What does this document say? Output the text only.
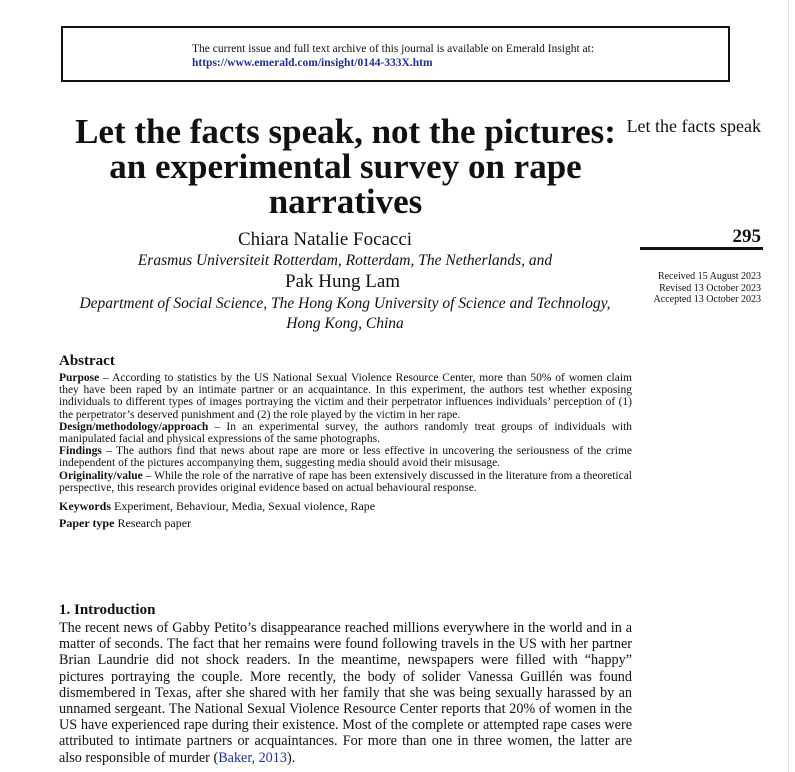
The current issue and full text archive of this journal is available on Emerald Insight at:
https://www.emerald.com/insight/0144-333X.htm
Let the facts speak, not the pictures: an experimental survey on rape narratives
Chiara Natalie Focacci
Erasmus Universiteit Rotterdam, Rotterdam, The Netherlands, and
Pak Hung Lam
Department of Social Science, The Hong Kong University of Science and Technology,
Hong Kong, China
Let the facts speak
295
Received 15 August 2023
Revised 13 October 2023
Accepted 13 October 2023
Abstract

Purpose – According to statistics by the US National Sexual Violence Resource Center, more than 50% of women claim they have been raped by an intimate partner or an acquaintance. In this experiment, the authors test whether exposing individuals to different types of images portraying the victim and their perpetrator influences individuals’ perception of (1) the perpetrator’s deserved punishment and (2) the role played by the victim in her rape.

Design/methodology/approach – In an experimental survey, the authors randomly treat groups of individuals with manipulated facial and physical expressions of the same photographs.

Findings – The authors find that news about rape are more or less effective in uncovering the seriousness of the crime independent of the pictures accompanying them, suggesting media should avoid their misusage.

Originality/value – While the role of the narrative of rape has been extensively discussed in the literature from a theoretical perspective, this research provides original evidence based on actual behavioural response.

Keywords Experiment, Behaviour, Media, Sexual violence, Rape
Paper type Research paper
1. Introduction
The recent news of Gabby Petito’s disappearance reached millions everywhere in the world and in a matter of seconds. The fact that her remains were found following travels in the US with her partner Brian Laundrie did not shock readers. In the meantime, newspapers were filled with “happy” pictures portraying the couple. More recently, the body of solider Vanessa Guillén was found dismembered in Texas, after she shared with her family that she was being sexually harassed by an unnamed sergeant. The National Sexual Violence Resource Center reports that 20% of women in the US have experienced rape during their existence. Most of the complete or attempted rape cases were attributed to intimate partners or acquaintances. For more than one in three women, the latter are also responsible of murder (Baker, 2013).
